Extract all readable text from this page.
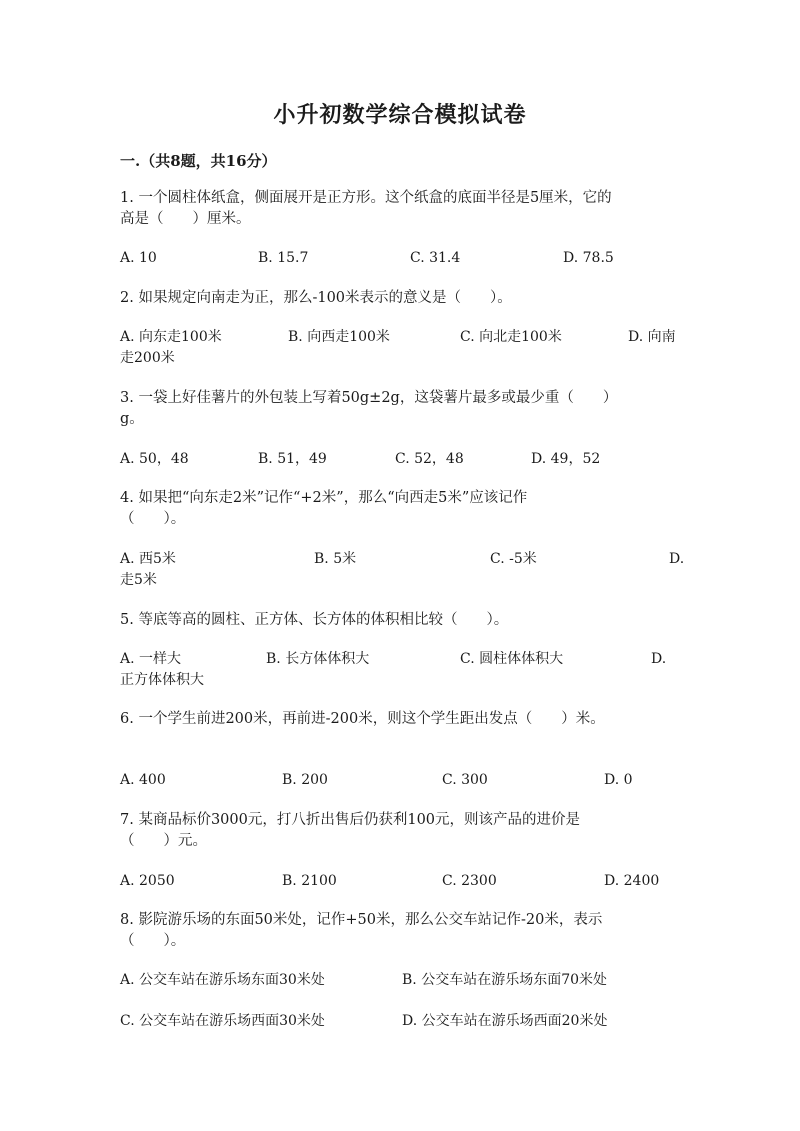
小升初数学综合模拟试卷
一.（共8题，共16分）
1. 一个圆柱体纸盒，侧面展开是正方形。这个纸盒的底面半径是5厘米，它的
高是（　　）厘米。
A. 10	B. 15.7	C. 31.4	D. 78.5
2. 如果规定向南走为正，那么-100米表示的意义是（　　）。
A. 向东走100米	B. 向西走100米	C. 向北走100米	D. 向南
走200米
3. 一袋上好佳薯片的外包装上写着50g±2g，这袋薯片最多或最少重（　　）
g。
A. 50，48	B. 51，49	C. 52，48	D. 49，52
4. 如果把“向东走2米”记作“+2米”，那么“向西走5米”应该记作
（　　）。
A. 西5米	B. 5米	C. -5米	D.
走5米
5. 等底等高的圆柱、正方体、长方体的体积相比较（　　）。
A. 一样大	B. 长方体体积大	C. 圆柱体体积大	D.
正方体体积大
6. 一个学生前进200米，再前进-200米，则这个学生距出发点（　　）米。
A. 400	B. 200	C. 300	D. 0
7. 某商品标价3000元，打八折出售后仍获利100元，则该产品的进价是
（　　）元。
A. 2050	B. 2100	C. 2300	D. 2400
8. 影院游乐场的东面50米处，记作+50米，那么公交车站记作-20米，表示
（　　）。
A. 公交车站在游乐场东面30米处	B. 公交车站在游乐场东面70米处
C. 公交车站在游乐场西面30米处	D. 公交车站在游乐场西面20米处
